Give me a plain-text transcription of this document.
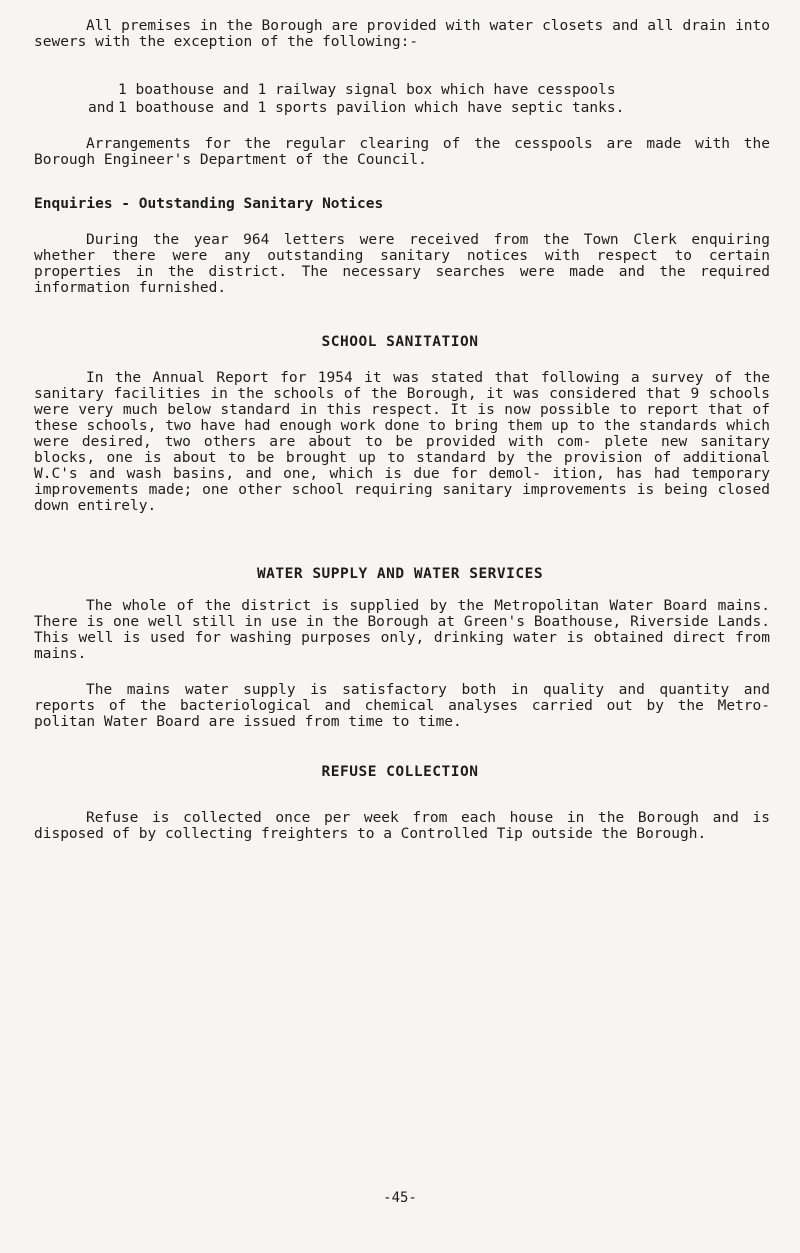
All premises in the Borough are provided with water closets and all drain into sewers with the exception of the following:-

1 boathouse and 1 railway signal box which have cesspools

and 1 boathouse and 1 sports pavilion which have septic tanks.

Arrangements for the regular clearing of the cesspools are made with the Borough Engineer's Department of the Council.

Enquiries - Outstanding Sanitary Notices

During the year 964 letters were received from the Town Clerk enquiring whether there were any outstanding sanitary notices with respect to certain properties in the district. The necessary searches were made and the required information furnished.

SCHOOL SANITATION

In the Annual Report for 1954 it was stated that following a survey of the sanitary facilities in the schools of the Borough, it was considered that 9 schools were very much below standard in this respect. It is now possible to report that of these schools, two have had enough work done to bring them up to the standards which were desired, two others are about to be provided with com- plete new sanitary blocks, one is about to be brought up to standard by the provision of additional W.C's and wash basins, and one, which is due for demol- ition, has had temporary improvements made; one other school requiring sanitary improvements is being closed down entirely.

WATER SUPPLY AND WATER SERVICES

The whole of the district is supplied by the Metropolitan Water Board mains. There is one well still in use in the Borough at Green's Boathouse, Riverside Lands. This well is used for washing purposes only, drinking water is obtained direct from mains.

The mains water supply is satisfactory both in quality and quantity and reports of the bacteriological and chemical analyses carried out by the Metro- politan Water Board are issued from time to time.

REFUSE COLLECTION

Refuse is collected once per week from each house in the Borough and is disposed of by collecting freighters to a Controlled Tip outside the Borough.

-45-
